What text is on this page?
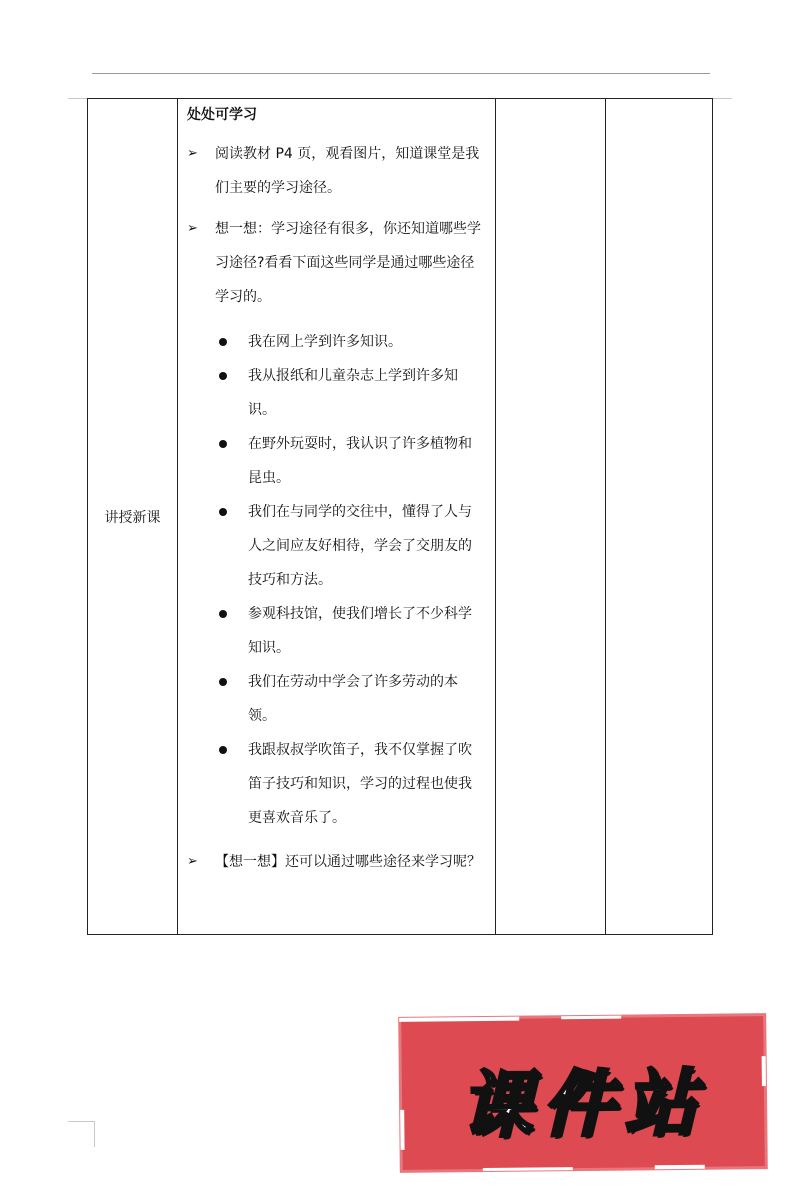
讲授新课	
处处可学习
➢ 阅读教材 P4 页，观看图片，知道课堂是我们主要的学习途径。
➢ 想一想：学习途径有很多，你还知道哪些学习途径?看看下面这些同学是通过哪些途径学习的。
我在网上学到许多知识。
我从报纸和儿童杂志上学到许多知识。
在野外玩耍时，我认识了许多植物和昆虫。
我们在与同学的交往中，懂得了人与人之间应友好相待，学会了交朋友的技巧和方法。
参观科技馆，使我们增长了不少科学知识。
我们在劳动中学会了许多劳动的本领。
我跟叔叔学吹笛子，我不仅掌握了吹笛子技巧和知识，学习的过程也使我更喜欢音乐了。
➢ 【想一想】还可以通过哪些途径来学习呢？

课件站
